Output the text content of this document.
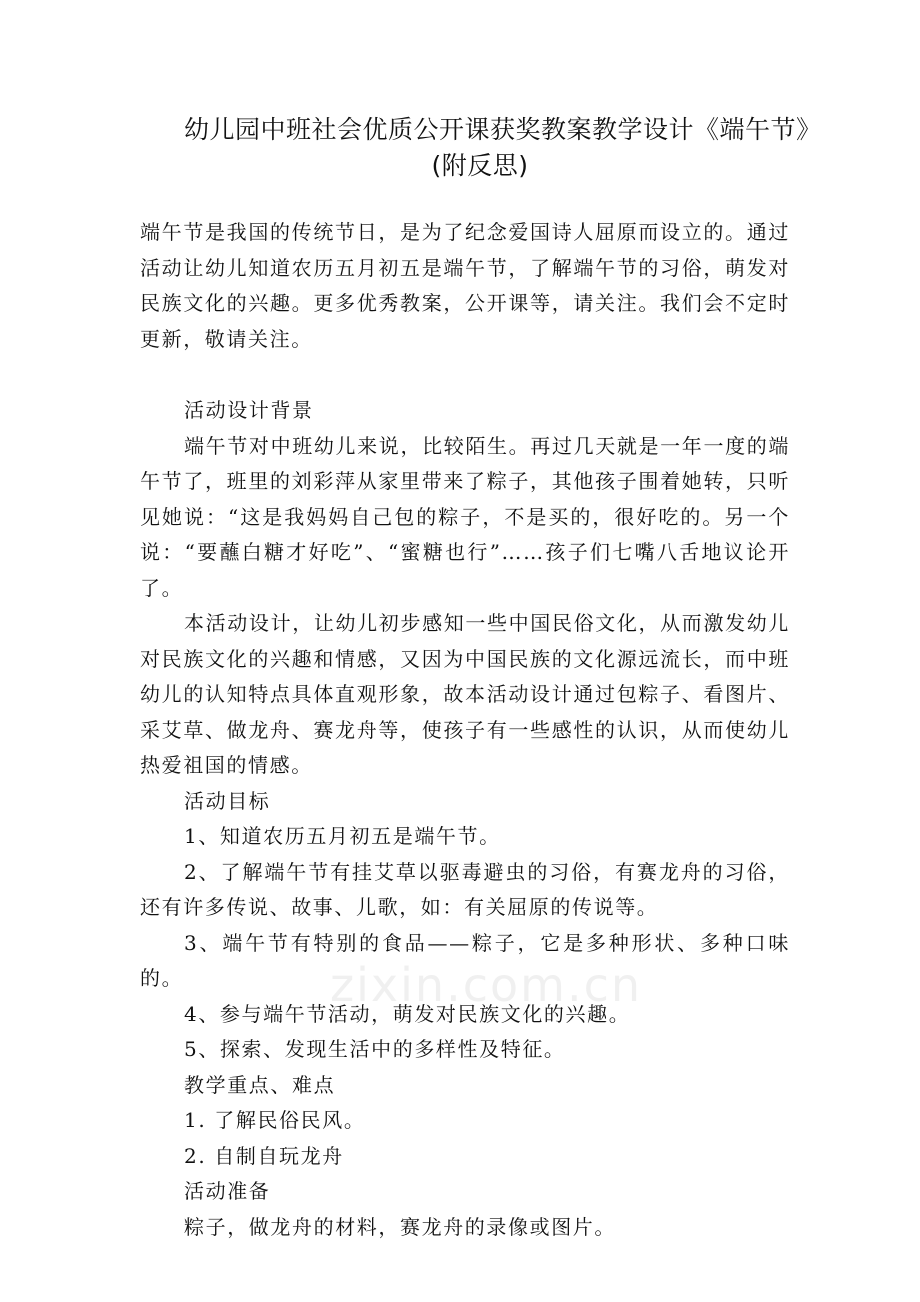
幼儿园中班社会优质公开课获奖教案教学设计《端午节》
(附反思)

端午节是我国的传统节日，是为了纪念爱国诗人屈原而设立的。通过活动让幼儿知道农历五月初五是端午节，了解端午节的习俗，萌发对民族文化的兴趣。更多优秀教案，公开课等，请关注。我们会不定时更新，敬请关注。

活动设计背景

端午节对中班幼儿来说，比较陌生。再过几天就是一年一度的端午节了，班里的刘彩萍从家里带来了粽子，其他孩子围着她转，只听见她说：“这是我妈妈自己包的粽子，不是买的，很好吃的。另一个说：“要蘸白糖才好吃”、“蜜糖也行”……孩子们七嘴八舌地议论开了。

本活动设计，让幼儿初步感知一些中国民俗文化，从而激发幼儿对民族文化的兴趣和情感，又因为中国民族的文化源远流长，而中班幼儿的认知特点具体直观形象，故本活动设计通过包粽子、看图片、采艾草、做龙舟、赛龙舟等，使孩子有一些感性的认识，从而使幼儿热爱祖国的情感。

活动目标

1、知道农历五月初五是端午节。

2、了解端午节有挂艾草以驱毒避虫的习俗，有赛龙舟的习俗，还有许多传说、故事、儿歌，如：有关屈原的传说等。

3、端午节有特别的食品——粽子，它是多种形状、多种口味的。

4、参与端午节活动，萌发对民族文化的兴趣。

5、探索、发现生活中的多样性及特征。

教学重点、难点

1. 了解民俗民风。

2. 自制自玩龙舟

活动准备

粽子，做龙舟的材料，赛龙舟的录像或图片。

zixin.com.cn
